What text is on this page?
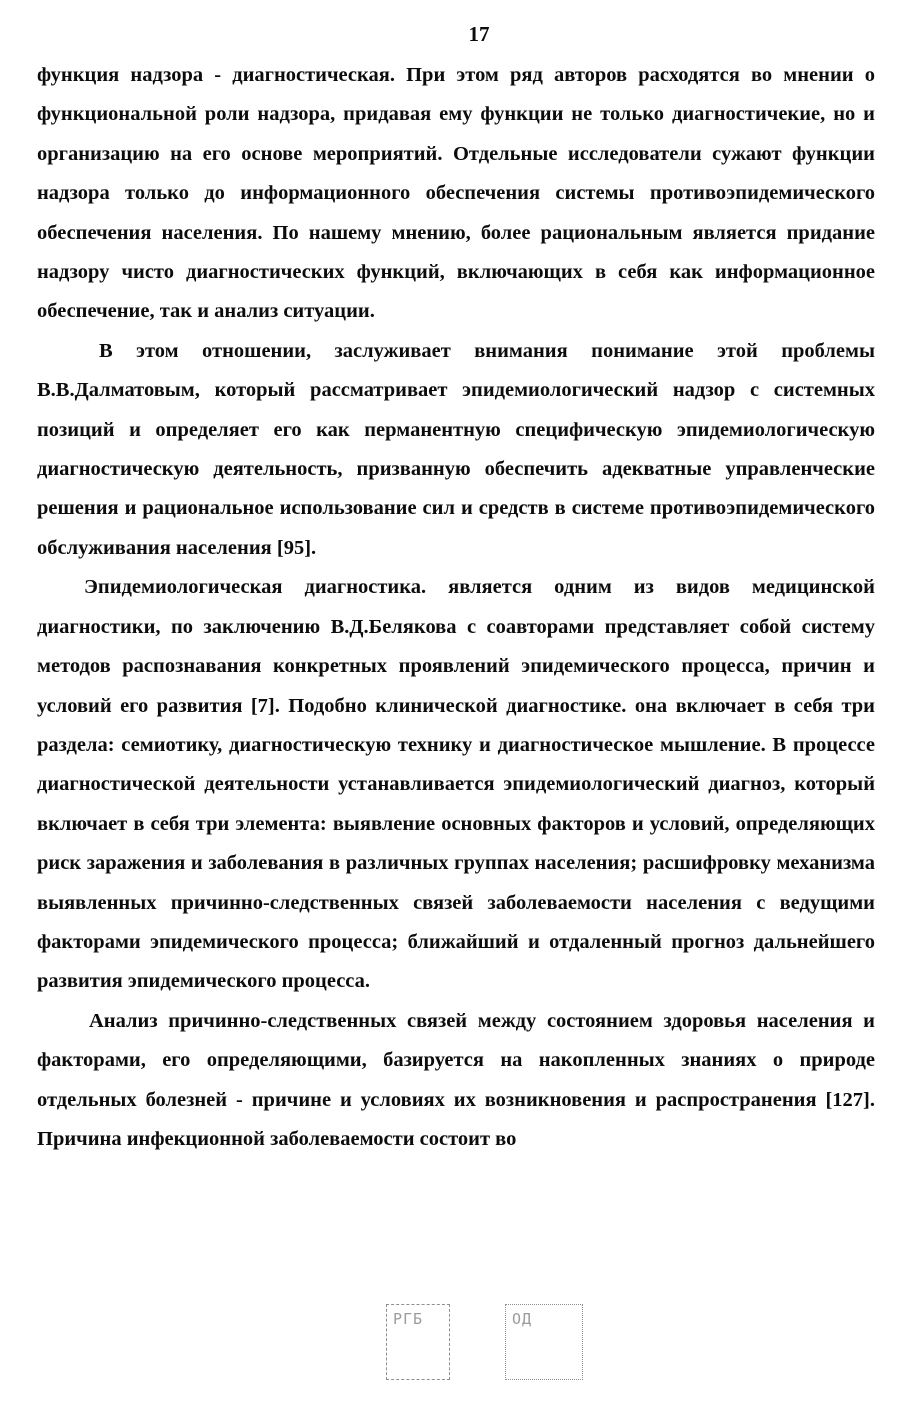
17

функция надзора - диагностическая. При этом ряд авторов расходятся во мнении о функциональной роли надзора, придавая ему функции не только диагностичекие, но и организацию на его основе мероприятий. Отдельные исследователи сужают функции надзора только до информационного обеспечения системы противоэпидемического обеспечения населения. По нашему мнению, более рациональным является придание надзору чисто диагностических функций, включающих в себя как информационное обеспечение, так и анализ ситуации.

В этом отношении, заслуживает внимания понимание этой проблемы В.В.Далматовым, который рассматривает эпидемиологический надзор с системных позиций и определяет его как перманентную специфическую эпидемиологическую диагностическую деятельность, призванную обеспечить адекватные управленческие решения и рациональное использование сил и средств в системе противоэпидемического обслуживания населения [95].

Эпидемиологическая диагностика. является одним из видов медицинской диагностики, по заключению В.Д.Белякова с соавторами представляет собой систему методов распознавания конкретных проявлений эпидемического процесса, причин и условий его развития [7]. Подобно клинической диагностике. она включает в себя три раздела: семиотику, диагностическую технику и диагностическое мышление. В процессе диагностической деятельности устанавливается эпидемиологический диагноз, который включает в себя три элемента: выявление основных факторов и условий, определяющих риск заражения и заболевания в различных группах населения; расшифровку механизма выявленных причинно-следственных связей заболеваемости населения с ведущими факторами эпидемического процесса; ближайший и отдаленный прогноз дальнейшего развития эпидемического процесса.

Анализ причинно-следственных связей между состоянием здоровья населения и факторами, его определяющими, базируется на накопленных знаниях о природе отдельных болезней - причине и условиях их возникновения и распространения [127]. Причина инфекционной заболеваемости состоит во

РГБ	ОД
